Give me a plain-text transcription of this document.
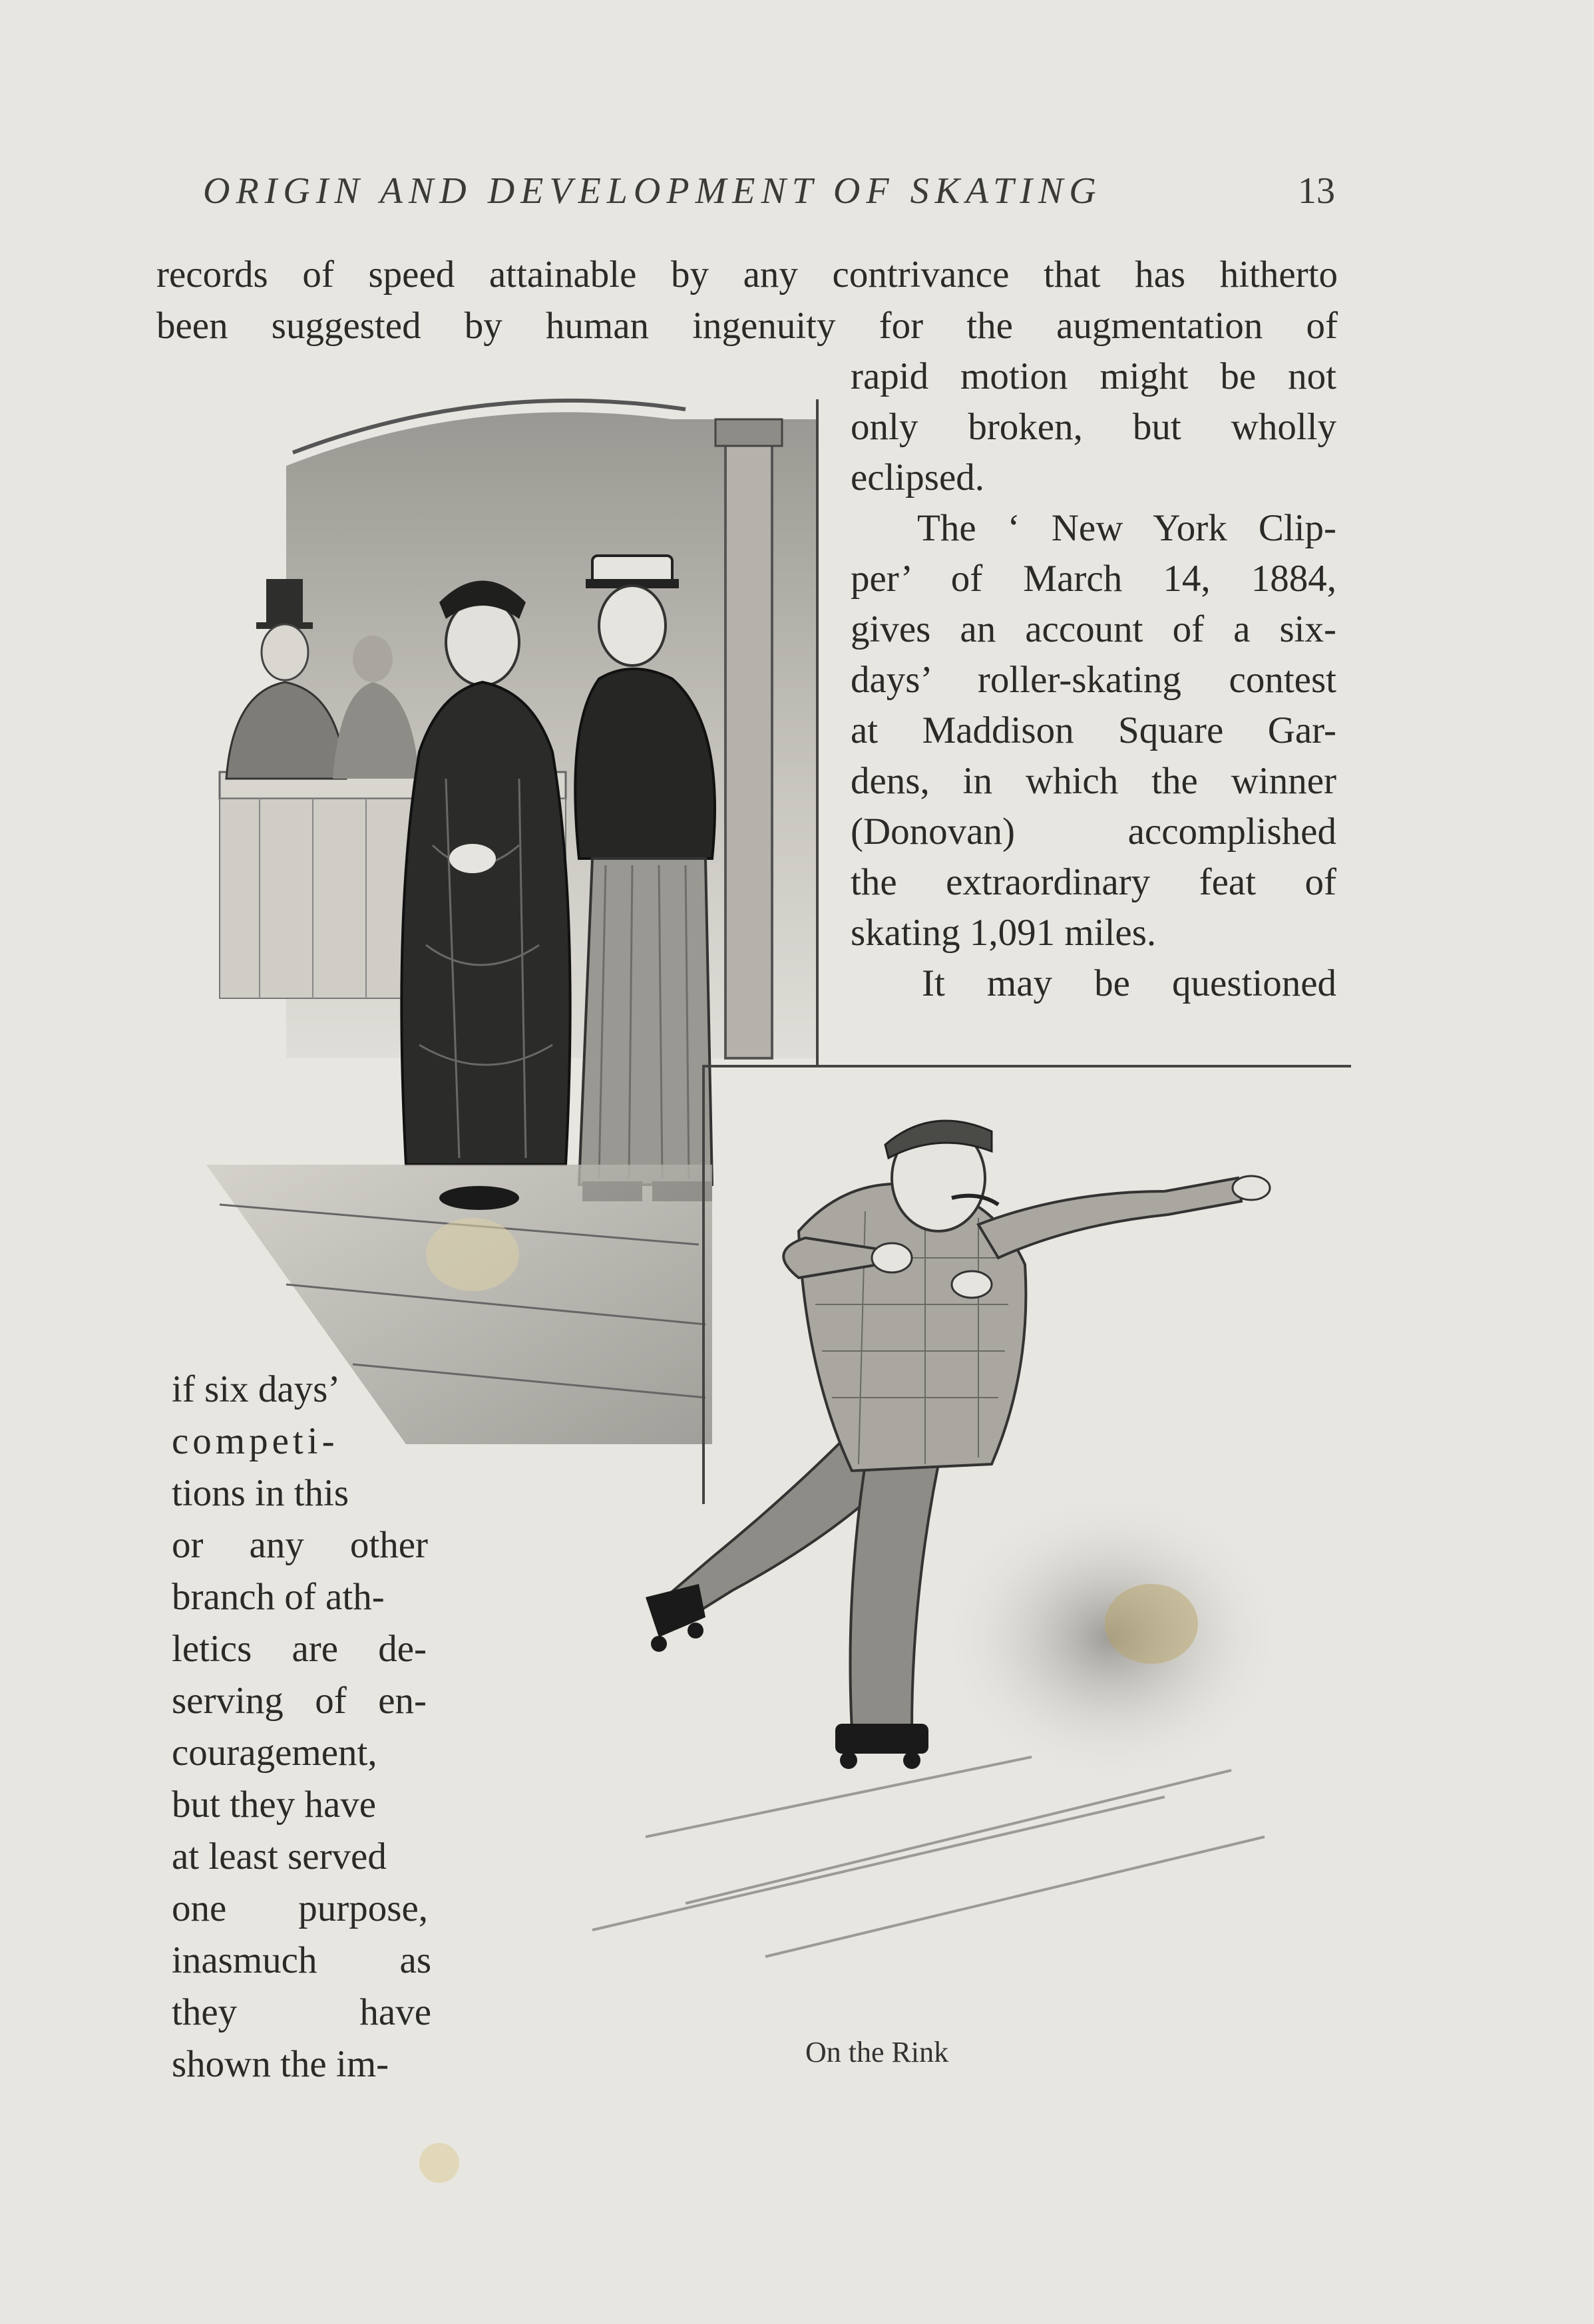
ORIGIN AND DEVELOPMENT OF SKATING	13
records of speed attainable by any contrivance that has hitherto
been suggested by human ingenuity for the augmentation of
rapid motion might be not
only broken, but wholly
eclipsed.
The ‘ New York Clip-
per’ of March 14, 1884,
gives an account of a six-
days’ roller-skating contest
at Maddison Square Gar-
dens, in which the winner
(Donovan) accomplished
the extraordinary feat of
skating 1,091 miles.
It may be questioned
if six days’
competi-
tions in this
or any other
branch of ath-
letics are de-
serving of en-
couragement,
but they have
at least served
one purpose,
inasmuch as
they have
shown the im-	On the Rink
